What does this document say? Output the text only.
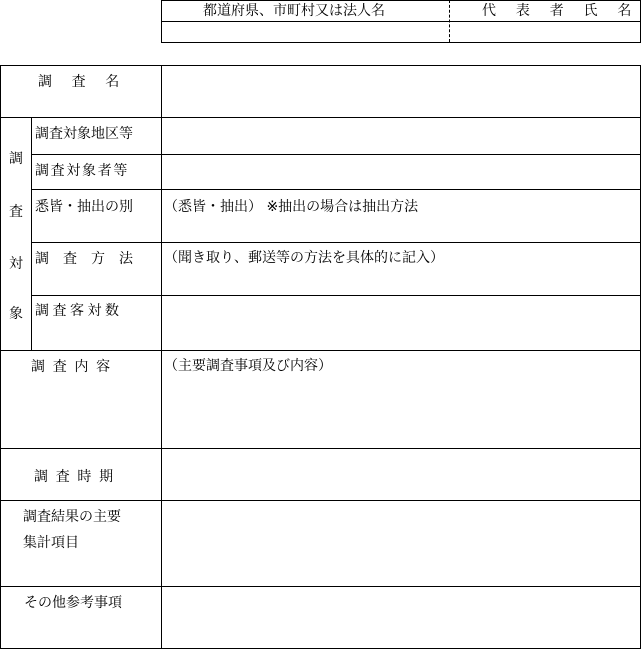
都道府県、市町村又は法人名	代 表 者 氏 名
調　査　名
調
査
対
象
調査対象地区等
調査対象者等
悉皆・抽出の別 （悉皆・抽出） ※抽出の場合は抽出方法
調　査　方　法 （聞き取り、郵送等の方法を具体的に記入）
調査客対数
調査内容	（主要調査事項及び内容）
調査時期
調査結果の主要
集計項目
その他参考事項
